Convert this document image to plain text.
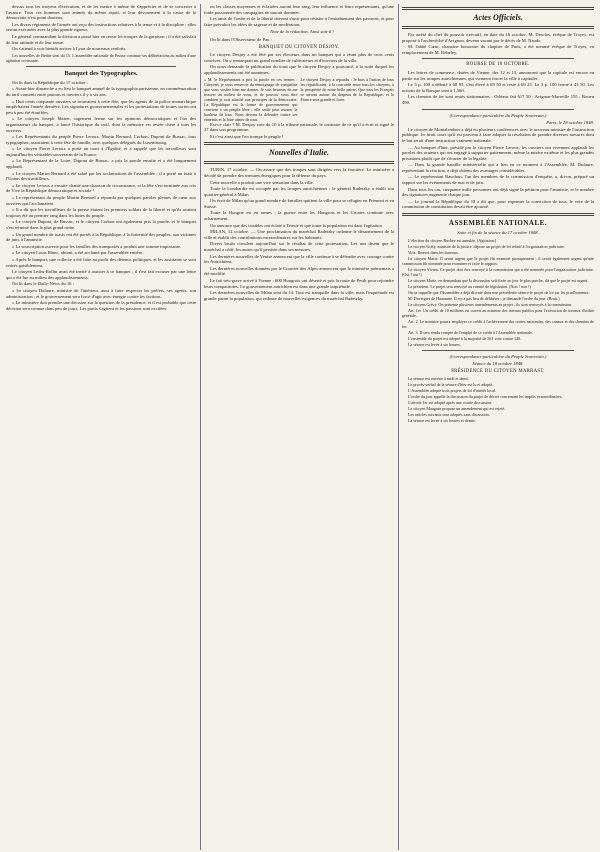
dessus tous les moyens d'exécution, et de les mettre à même de s'apprécier et de se concerter à l'avance. Tous ces hommes sont animés du même esprit, et leur dévouement à la cause de la démocratie n'est point douteux.

Les divers régiments de l'armée ont reçu des instructions relatives à la tenue et à la discipline ; elles seront exécutées avec la plus grande rigueur.

Le général commandant la division a passé hier en revue les troupes de la garnison ; il a été satisfait de leur attitude et de leur tenue.

On s'attend à voir bientôt arriver à Lyon de nouveaux renforts.

Les nouvelles de Berlin sont du 15. L'assemblée nationale de Prusse continue ses délibérations au milieu d'une agitation croissante.

Banquet des Typographes.

On lit dans la République du 17 octobre :

« Avant-hier dimanche a eu lieu le banquet annuel de la typographie parisienne, en commémoration du tarif consenti entre patrons et ouvriers il y a six ans.

« Huit cents cinquante ouvriers se trouvaient à cette fête, que les agents de la police monarchique empêchaient l'année dernière. Les signatures gouvernementales et les protestations de toutes sortes ont peu à peu été étouffées.

« Le citoyen Joseph Mairet, sagement ferme sur les opinions démocratiques et l'un des organisateurs du banquet, a lancé l'historique du tarif, dont la mémoire est restée chère à tous les ouvriers.

« Les Représentants du peuple Pierre Leroux, Martin Bernard, Corbon, Dupont de Bussac, tous typographes, assistaient à cette fête de famille, avec quelques délégués du Luxembourg.

« Le citoyen Pierre Leroux a porté un toast à l'Égalité, et a rappelé que les travailleurs sont aujourd'hui les véritables souverains de la France.

« Le Représentant de la Loire, Dupont de Bussac, a pris la parole ensuite et a été longuement applaudi.

« Le citoyen Martin Bernard a été salué par les acclamations de l'assemblée ; il a porté un toast à l'Union des travailleurs.

« Le citoyen Leroux a ensuite chanté une chanson de circonstance, et la fête s'est terminée aux cris de Vive la République démocratique et sociale !

« Le représentant du peuple Martin Bernard a répondu par quelques paroles pleines de cœur aux ouvriers qui l'acclamaient.

« Il a dit que les travailleurs de la presse étaient les premiers soldats de la liberté et qu'ils avaient toujours été au premier rang dans les luttes du peuple.

« Le citoyen Dupont, de Bussac, et le citoyen Corbon ont également pris la parole, et le banquet s'est terminé dans le plus grand ordre.

« Un grand nombre de toasts ont été portés à la République, à la fraternité des peuples, aux victimes de juin, à l'amnistie.

« La souscription ouverte pour les familles des transportés a produit une somme importante.

« Le citoyen Louis Blanc, absent, a été acclamé par l'assemblée entière.

« Après le banquet, une collecte a été faite au profit des détenus politiques, et les assistants se sont retirés paisiblement.

Le citoyen Ledru-Rollin avait été invité à assister à ce banquet ; il s'est fait excuser par une lettre qui a été lue au milieu des applaudissements.

On lit dans le Daily-News du 16 :

« Le citoyen Dufaure, ministre de l'intérieur, aura à faire respecter les préfets, ses agents, son administration ; et le gouvernement sera forcé d'agir avec énergie contre les factions.

« Le ministère doit prendre une décision sur la question de la présidence, et il est probable que cette décision sera connue dans peu de jours. Les partis s'agitent et les passions sont excitées.

ou les classes moyennes et éclairées auront leur rang, leur influence et leurs représentants, qu'une foule passionnée des campagnes ne saurait dominer.

Les amis de l'ordre et de la liberté doivent s'unir pour résister à l'entraînement des passions, et pour faire prévaloir les idées de sagesse et de modération.

Note de la rédaction. Ainsi soit-il !

On lit dans l'Observateur de Pau :

BANQUET DU CITOYEN DESJOY.

Le citoyen Desjoy a été fêté par ses électeurs dans un banquet qui a réuni plus de trois cents convives. On y remarquait un grand nombre de cultivateurs et d'ouvriers de la ville.

On nous demande la publication du toast que le citoyen Desjoy a prononcé, à la suite duquel les applaudissements ont été unanimes.

« M. le Représentant a pris la parole en ces termes : Citoyens, je vous remercie du témoignage de sympathie que vous voulez bien me donner. Je suis heureux de me trouver au milieu de vous, et de pouvoir vous dire combien je suis attaché aux principes de la démocratie. La République est la forme de gouvernement qui convient à un peuple libre ; elle seule peut assurer le bonheur de tous. Nous devons la défendre contre ses ennemis et la faire aimer de tous.
Le citoyen Desjoy a répondu : Je bois à l'union de tous les républicains, à la concorde entre tous les citoyens, à la prospérité de notre belle patrie. Que tous les Français se serrent autour du drapeau de la République, et la France sera grande et forte.

Est-ce clair ? M. Desjoy vote du 10 à la tribune nationale, le contraire de ce qu'il a écrit et signé le 27 dans son programme.

Et c'est ainsi que l'on trompe le peuple !

Nouvelles d'Italie.

TURIN, 17 octobre. — On assure que des troupes sont dirigées vers la frontière. Le ministère a décidé de prendre des mesures énergiques pour la défense du pays.

Cette nouvelle a produit une vive sensation dans la ville.

Toute la Lombardie est occupée par les troupes autrichiennes ; le général Radetzky a établi son quartier-général à Milan.

On écrit de Milan qu'un grand nombre de familles quittent la ville pour se réfugier en Piémont et en Suisse.

Toute la Hongrie est en armes ; la guerre entre les Hongrois et les Croates continue avec acharnement.

On annonce que des troubles ont éclaté à Trieste et que toute la population est dans l'agitation.

MILAN, 12 octobre. — Une proclamation du maréchal Radetzky ordonne le désarmement de la ville et établit des contributions extraordinaires sur les habitants.

Divers bruits circulent aujourd'hui sur le résultat de cette protestation. Les uns disent que le maréchal a cédé, les autres qu'il persiste dans ses mesures.

Les dernières nouvelles de Venise annoncent que la ville continue à se défendre avec courage contre les Autrichiens.

Les dernières nouvelles données par le Courrier des Alpes annoncent que le ministère piémontais a été modifié.

Le fait très-grave arrivé à Vienne : 600 Hongrois ont déserté et pris la route de Pesth pour rejoindre leurs compatriotes. Le gouvernement autrichien est dans une grande inquiétude.

Les dernières nouvelles de Milan sont du 14. Tout est tranquille dans la ville, mais l'inquiétude est grande parmi la population, qui redoute de nouvelles exigences du maréchal Radetzky.

Actes Officiels.

Par arrêté du chef du pouvoir exécutif, en date du 16 octobre, M. Desclos, évêque de Troyes, est proposé à l'archevêché d'Avignon, devenu vacant par le décès de M. Naudo.

M. l'abbé Cœur, chanoine honoraire du chapitre de Paris, a été nommé évêque de Troyes, en remplacement de M. Debeley.

BOURSE DE 18 OCTOBRE.

Les lettres de commerce, datées de Vienne, des 12 et 13, annoncent que la capitale est encore en partie sur les troupes autrichiennes, qui viennent forcer la ville à capituler.

Le 5 p. 100 a débuté à 68 95, s'est élevé à 69 50 et reste à 69 25. Le 3 p. 100 fermé à 43 50. Les actions de la Banque sont à 1,560.

Les chemins de fer sont restés stationnaires : Orléans fait 617 50 ; Avignon-Marseille 195 ; Rouen 490.

(Correspondance particulière du Peuple Souverain.)

Paris, le 18 octobre 1848.

Le citoyen de Montalembert a déjà eu plusieurs conférences avec le nouveau ministre de l'instruction publique. Le bruit court qu'il est parvenu à faire adopter la résolution de prendre diverses mesures dont le but serait d'une instruction vraiment nationale.

— Au banquet d'hier, présidé par le citoyen Pierre Leroux, les ouvriers ont vivement applaudi les paroles des orateurs qui ont engagé à supporter patiemment, même la misère extrême et les plus grandes privations plutôt que de s'écarter de la légalité.

— Dans la grande bataille ministérielle qui a lieu en ce moment à l'Assemblée, M. Dufaure, représentant la réaction, a déjà obtenu des avantages considérables.

— Le représentant Bauchart, l'un des membres de la commission d'enquête, a, dit-on, préparé un rapport sur les événements de mai et de juin.

Dans tous les cas, cinquante mille personnes ont déjà signé la pétition pour l'amnistie, et le nombre des signatures augmente chaque jour.

— Le journal la République du 18 a dit que, pour exprimer la conviction de tous, le vote de la commission de constitution devait être ajourné.

ASSEMBLÉE NATIONALE.
Suite et fin de la séance du 17 octobre 1848.

L'élection du citoyen Buchez est annulée. (Agitation.)

Le citoyen Gréty, ministre de la justice, dépose un projet de loi relatif à l'organisation judiciaire.

Voix. Renvoi dans les bureaux.

Le citoyen Marie. Il serait urgent que le projet fût examiné promptement ; il serait également urgent qu'une commission fût nommée pour examiner et faire le rapport.

Le citoyen Vivien. Ce projet doit être renvoyé à la commission qui a été nommée pour l'organisation judiciaire. (Oui ! oui !)

Le citoyen Marie, en demandant que la discussion soit fixée au jour le plus proche, dit que le projet est urgent.

Le président. Le projet sera renvoyé au comité de législation. (Non ! non !)

On se rappelle que l'Assemblée a déjà discuté dans une précédente séance le projet de loi sur les prud'hommes.

M. Duvergier de Hauranne. Il n'y a pas lieu de délibérer ; je demande l'ordre du jour. (Bruit.)

Le citoyen Grévy. On présente plusieurs amendements au projet ; ils sont renvoyés à la commission.

Art. 1er. Un crédit de 10 millions est ouvert au ministre des travaux publics pour l'exécution de travaux d'utilité générale.

Art. 2. Le ministre pourra employer ce crédit à l'achèvement des routes nationales, des canaux et des chemins de fer.

Art. 3. Il sera rendu compte de l'emploi de ce crédit à l'Assemblée nationale.

L'ensemble du projet est adopté à la majorité de 561 voix contre 140.

La séance est levée à six heures.

(Correspondance particulière du Peuple Souverain.)
Séance du 18 octobre 1848.
PRÉSIDENCE DU CITOYEN MARRAST.

La séance est ouverte à midi et demi.

Le procès-verbal de la séance d'hier est lu et adopté.

L'Assemblée adopte trois projets de loi d'intérêt local.

L'ordre du jour appelle la discussion du projet de décret concernant les impôts extraordinaires.

L'article 1er est adopté après une courte discussion.

Le citoyen Mauguin propose un amendement qui est rejeté.

Les articles suivants sont adoptés sans discussion.

La séance est levée à six heures et demie.
